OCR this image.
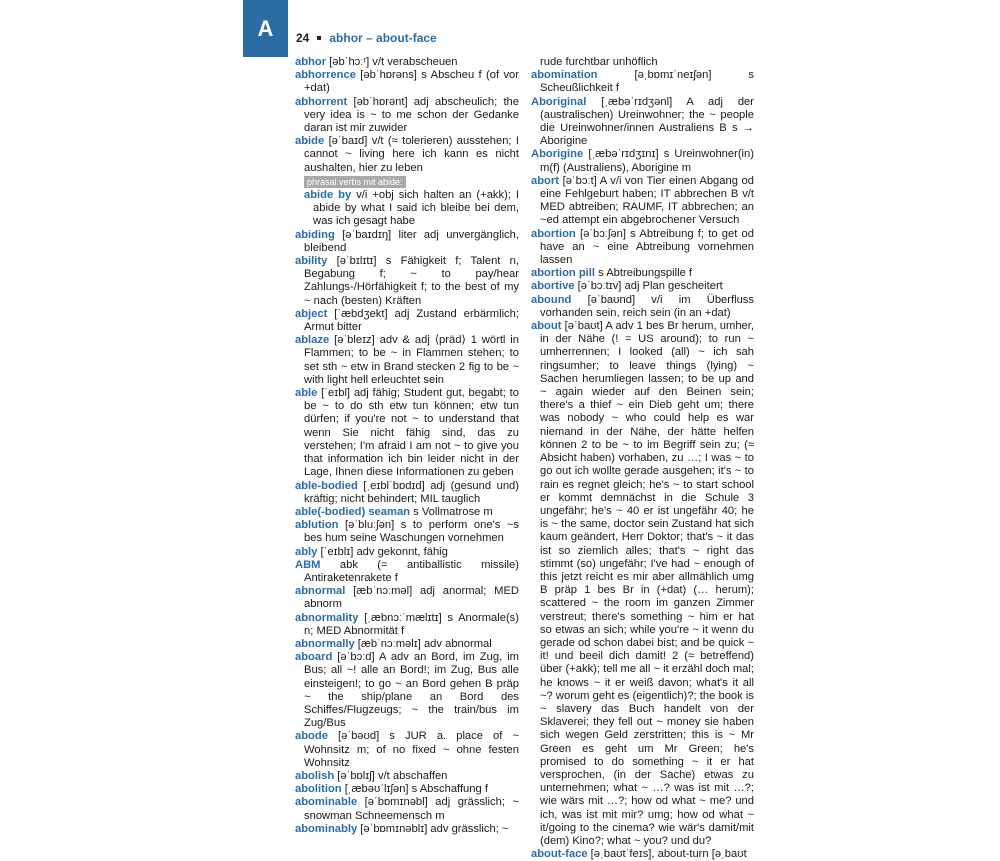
A	24 abhor – about-face

abhor [əbˈhɔːʳ] v/t verabscheuen

abhorrence [əbˈhɒrəns] s Abscheu f (of vor +dat)

abhorrent [əbˈhɒrənt] adj abscheulich; the very idea is ~ to me schon der Gedanke daran ist mir zuwider

abide [əˈbaɪd] v/t (≈ tolerieren) ausstehen; I cannot ~ living here ich kann es nicht aushalten, hier zu leben

phrasal verbs mit abide:

abide by v/i +obj sich halten an (+akk); I abide by what I said ich bleibe bei dem, was ich gesagt habe

abiding [əˈbaɪdɪŋ] liter adj unvergänglich, bleibend

ability [əˈbɪlɪtɪ] s Fähigkeit f; Talent n, Begabung f; ~ to pay/hear Zahlungs-/Hörfähigkeit f; to the best of my ~ nach (besten) Kräften

abject [ˈæbdʒekt] adj Zustand erbärmlich; Armut bitter

ablaze [əˈbleɪz] adv & adj ⟨präd⟩ 1 wörtl in Flammen; to be ~ in Flammen stehen; to set sth ~ etw in Brand stecken 2 fig to be ~ with light hell erleuchtet sein

able [ˈeɪbl] adj fähig; Student gut, begabt; to be ~ to do sth etw tun können; etw tun dürfen; if you're not ~ to understand that wenn Sie nicht fähig sind, das zu verstehen; I'm afraid I am not ~ to give you that information ich bin leider nicht in der Lage, Ihnen diese Informationen zu geben

able-bodied [ˌeɪblˈbɒdɪd] adj (gesund und) kräftig; nicht behindert; MIL tauglich

able(-bodied) seaman s Vollmatrose m

ablution [əˈbluːʃən] s to perform one's ~s bes hum seine Waschungen vornehmen

ably [ˈeɪblɪ] adv gekonnt, fähig

ABM abk (= antiballistic missile) Antiraketenrakete f

abnormal [æbˈnɔːməl] adj anormal; MED abnorm

abnormality [ˌæbnɔːˈmælɪtɪ] s Anormale(s) n; MED Abnormität f

abnormally [æbˈnɔːməlɪ] adv abnormal

aboard [əˈbɔːd] A adv an Bord, im Zug, im Bus; all ~! alle an Bord!; im Zug, Bus alle einsteigen!; to go ~ an Bord gehen B präp ~ the ship/plane an Bord des Schiffes/Flugzeugs; ~ the train/bus im Zug/Bus

abode [əˈbəʊd] s JUR a. place of ~ Wohnsitz m; of no fixed ~ ohne festen Wohnsitz

abolish [əˈbɒlɪʃ] v/t abschaffen

abolition [ˌæbəʊˈlɪʃən] s Abschaffung f

abominable [əˈbɒmɪnəbl] adj grässlich; ~ snowman Schneemensch m

abominably [əˈbɒmɪnəblɪ] adv grässlich; ~

rude furchtbar unhöflich

abomination [əˌbɒmɪˈneɪʃən] s Scheußlichkeit f

Aboriginal [ˌæbəˈrɪdʒənl] A adj der (australischen) Ureinwohner; the ~ people die Ureinwohner/innen Australiens B s → Aborigine

Aborigine [ˌæbəˈrɪdʒɪnɪ] s Ureinwohner(in) m(f) (Australiens), Aborigine m

abort [əˈbɔːt] A v/i von Tier einen Abgang od eine Fehlgeburt haben; IT abbrechen B v/t MED abtreiben; RAUMF, IT abbrechen; an ~ed attempt ein abgebrochener Versuch

abortion [əˈbɔːʃən] s Abtreibung f; to get od have an ~ eine Abtreibung vornehmen lassen

abortion pill s Abtreibungspille f

abortive [əˈbɔːtɪv] adj Plan gescheitert

abound [əˈbaʊnd] v/i im Überfluss vorhanden sein, reich sein (in an +dat)

about [əˈbaʊt] A adv 1 bes Br herum, umher, in der Nähe (! = US around); to run ~ umherrennen; I looked (all) ~ ich sah ringsumher; to leave things (lying) ~ Sachen herumliegen lassen; to be up and ~ again wieder auf den Beinen sein; there's a thief ~ ein Dieb geht um; there was nobody ~ who could help es war niemand in der Nähe, der hätte helfen können 2 to be ~ to im Begriff sein zu; (≈ Absicht haben) vorhaben, zu …; I was ~ to go out ich wollte gerade ausgehen; it's ~ to rain es regnet gleich; he's ~ to start school er kommt demnächst in die Schule 3 ungefähr; he's ~ 40 er ist ungefähr 40; he is ~ the same, doctor sein Zustand hat sich kaum geändert, Herr Doktor; that's ~ it das ist so ziemlich alles; that's ~ right das stimmt (so) ungefähr; I've had ~ enough of this jetzt reicht es mir aber allmählich umg B präp 1 bes Br in (+dat) (… herum); scattered ~ the room im ganzen Zimmer verstreut; there's something ~ him er hat so etwas an sich; while you're ~ it wenn du gerade od schon dabei bist; and be quick ~ it! und beeil dich damit! 2 (≈ betreffend) über (+akk); tell me all ~ it erzähl doch mal; he knows ~ it er weiß davon; what's it all ~? worum geht es (eigentlich)?; the book is ~ slavery das Buch handelt von der Sklaverei; they fell out ~ money sie haben sich wegen Geld zerstritten; this is ~ Mr Green es geht um Mr Green; he's promised to do something ~ it er hat versprochen, (in der Sache) etwas zu unternehmen; what ~ …? was ist mit …?; wie wärs mit …?; how od what ~ me? und ich, was ist mit mir? umg; how od what ~ it/going to the cinema? wie wär's damit/mit (dem) Kino?; what ~ you? und du?

about-face [əˌbaʊtˈfeɪs], about-turn [əˌbaʊt
